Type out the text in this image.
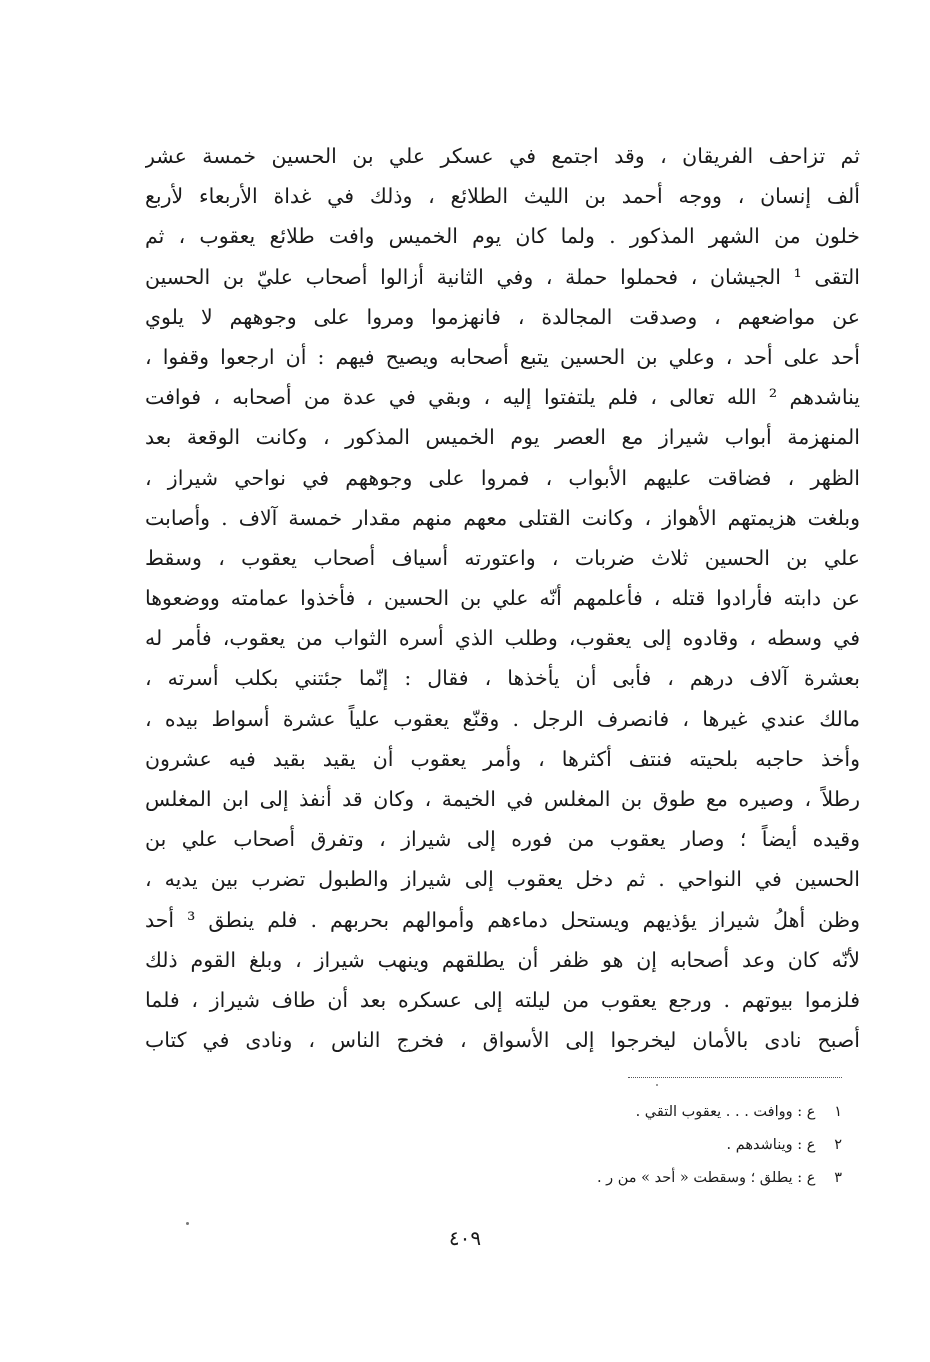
ثم تزاحف الفريقان ، وقد اجتمع في عسكر علي بن الحسين خمسة عشر
ألف إنسان ، ووجه أحمد بن الليث الطلائع ، وذلك في غداة الأربعاء لأربع
خلون من الشهر المذكور . ولما كان يوم الخميس وافت طلائع يعقوب ، ثم
التقى ¹ الجيشان ، فحملوا حملة ، وفي الثانية أزالوا أصحاب عليّ بن الحسين
عن مواضعهم ، وصدقت المجالدة ، فانهزموا ومروا على وجوههم لا يلوي
أحد على أحد ، وعلي بن الحسين يتبع أصحابه ويصيح فيهم : أن ارجعوا وقفوا ،
يناشدهم ² الله تعالى ، فلم يلتفتوا إليه ، وبقي في عدة من أصحابه ، فوافت
المنهزمة أبواب شيراز مع العصر يوم الخميس المذكور ، وكانت الوقعة بعد
الظهر ، فضاقت عليهم الأبواب ، فمروا على وجوههم في نواحي شيراز ،
وبلغت هزيمتهم الأهواز ، وكانت القتلى معهم منهم مقدار خمسة آلاف . وأصابت
علي بن الحسين ثلاث ضربات ، واعتورته أسياف أصحاب يعقوب ، وسقط
عن دابته فأرادوا قتله ، فأعلمهم أنّه علي بن الحسين ، فأخذوا عمامته ووضعوها
في وسطه ، وقادوه إلى يعقوب، وطلب الذي أسره الثواب من يعقوب، فأمر له
بعشرة آلاف درهم ، فأبى أن يأخذها ، فقال : إنّما جئتني بكلب أسرته ،
مالك عندي غيرها ، فانصرف الرجل . وقنّع يعقوب علياً عشرة أسواط بيده ،
وأخذ حاجبه بلحيته فنتف أكثرها ، وأمر يعقوب أن يقيد بقيد فيه عشرون
رطلاً ، وصيره مع طوق بن المغلس في الخيمة ، وكان قد أنفذ إلى ابن المغلس
وقيده أيضاً ؛ وصار يعقوب من فوره إلى شيراز ، وتفرق أصحاب علي بن
الحسين في النواحي . ثم دخل يعقوب إلى شيراز والطبول تضرب بين يديه ،
وظن أهلُ شيراز يؤذيهم ويستحل دماءهم وأموالهم بحربهم . فلم ينطق ³ أحد
لأنّه كان وعد أصحابه إن هو ظفر أن يطلقهم وينهب شيراز ، وبلغ القوم ذلك
فلزموا بيوتهم . ورجع يعقوب من ليلته إلى عسكره بعد أن طاف شيراز ، فلما
أصبح نادى بالأمان ليخرجوا إلى الأسواق ، فخرج الناس ، ونادى في كتاب
١ ع : ووافت . . . يعقوب التقي .
٢ ع : ويناشدهم .
٣ ع : يطلق ؛ وسقطت « أحد » من ر .
٤٠٩
